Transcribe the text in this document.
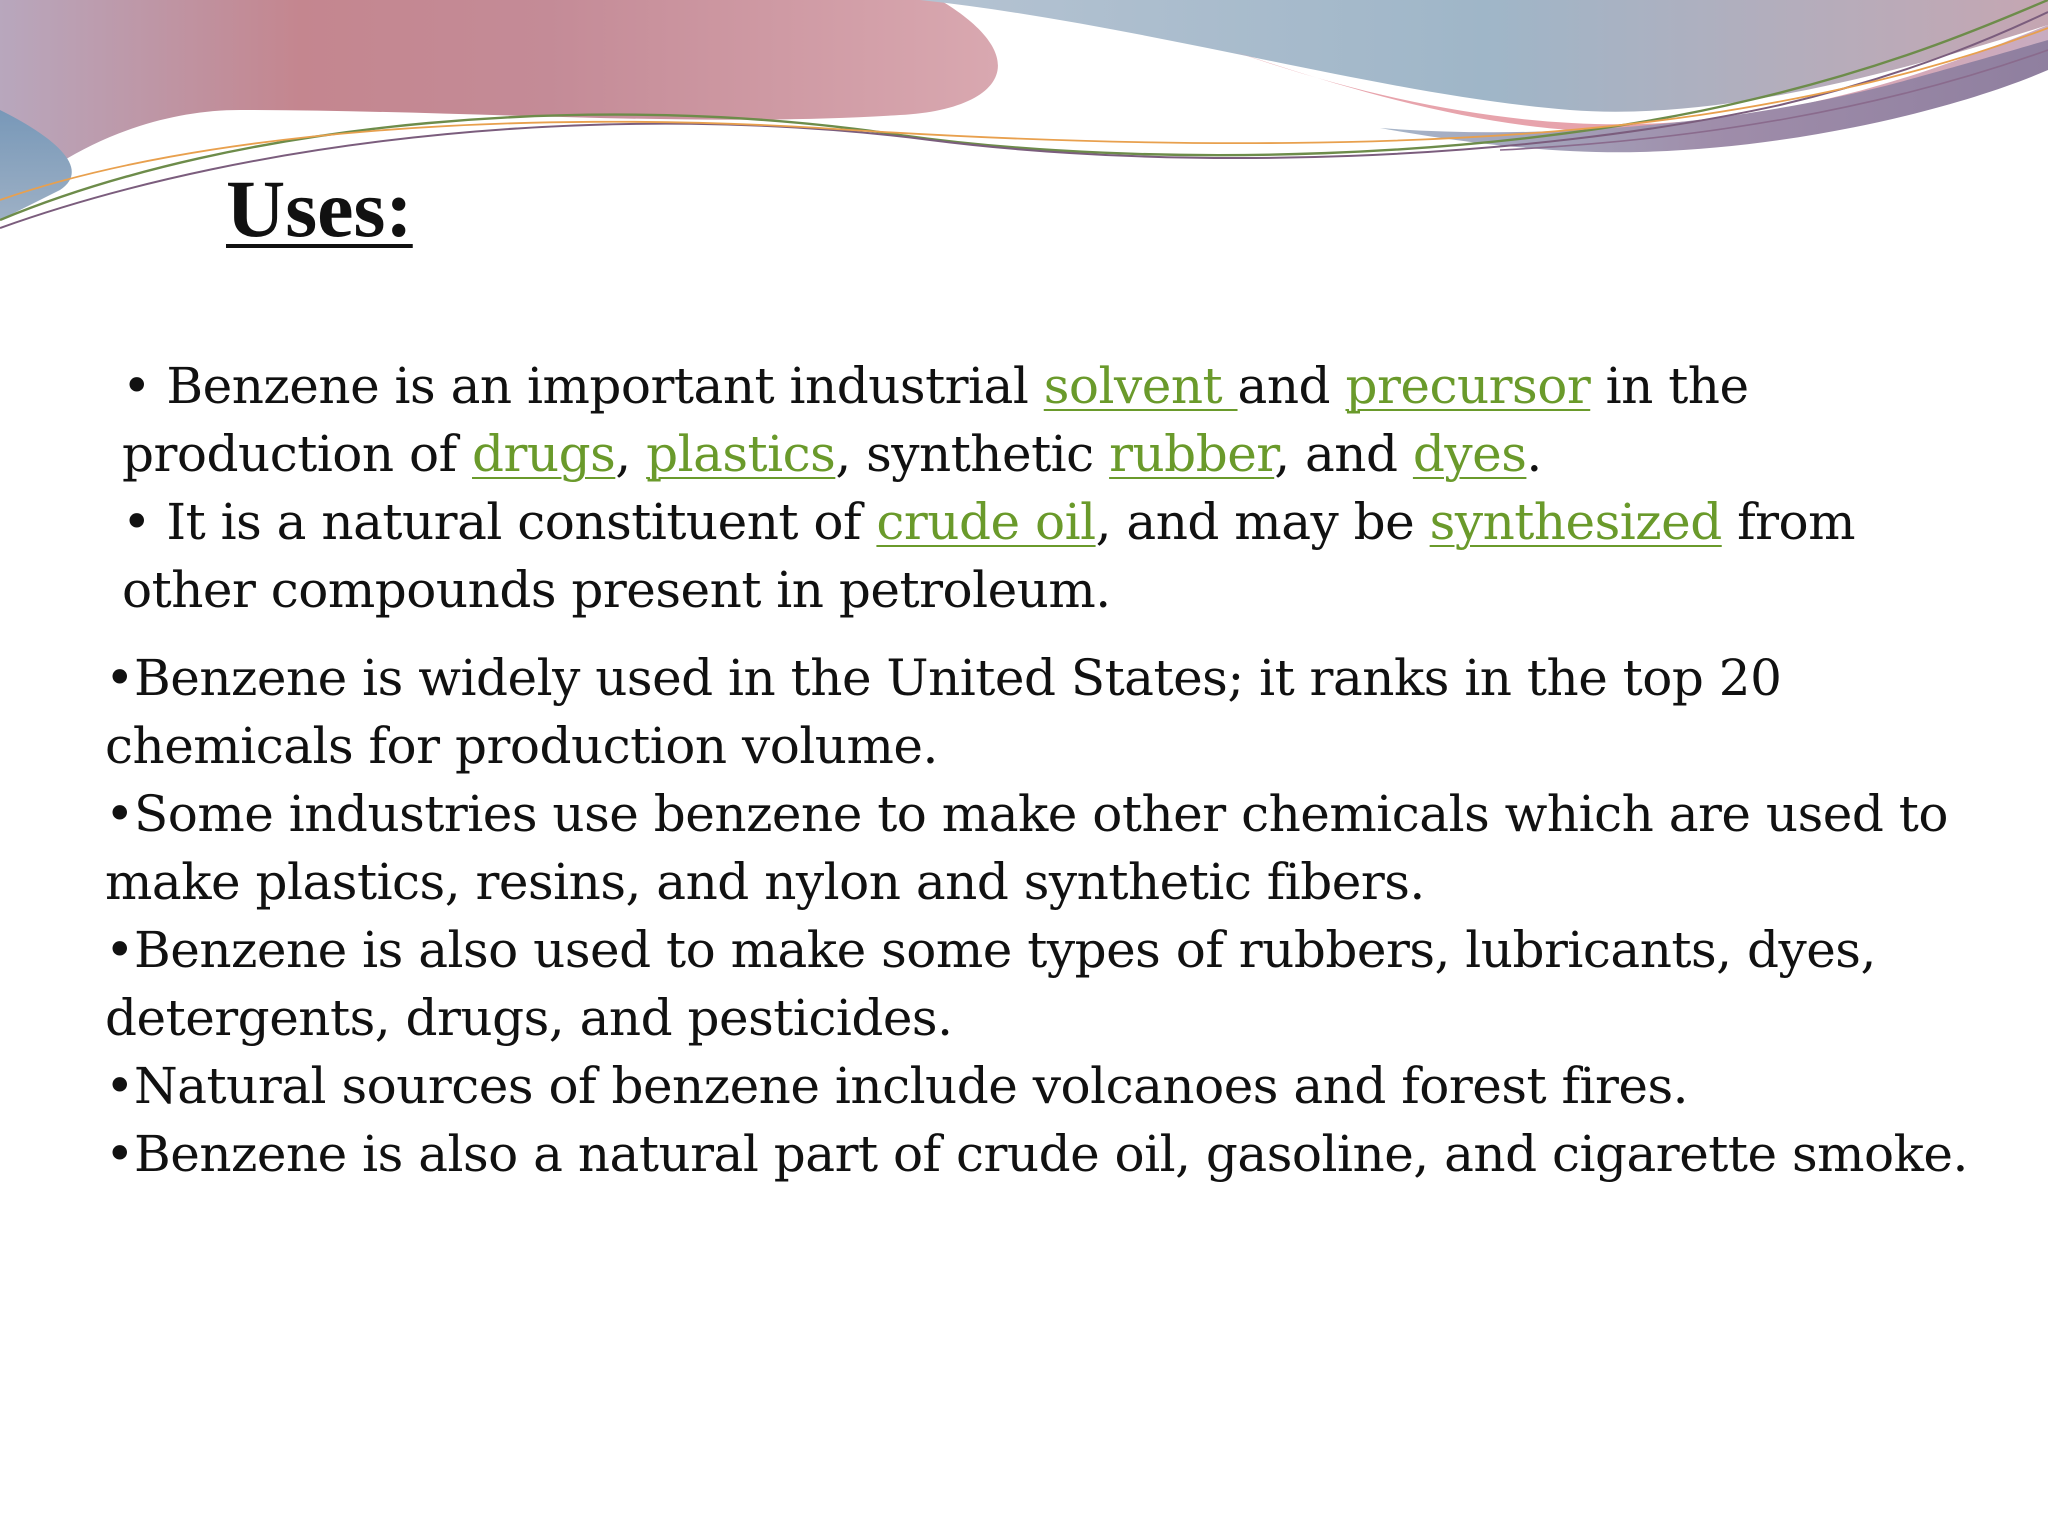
Uses:

• Benzene is an important industrial solvent and precursor in the
production of drugs, plastics, synthetic rubber, and dyes.

• It is a natural constituent of crude oil, and may be synthesized from
other compounds present in petroleum.

•Benzene is widely used in the United States; it ranks in the top 20
chemicals for production volume.

•Some industries use benzene to make other chemicals which are used to
make plastics, resins, and nylon and synthetic fibers.

•Benzene is also used to make some types of rubbers, lubricants, dyes,
detergents, drugs, and pesticides.

•Natural sources of benzene include volcanoes and forest fires.

•Benzene is also a natural part of crude oil, gasoline, and cigarette smoke.
